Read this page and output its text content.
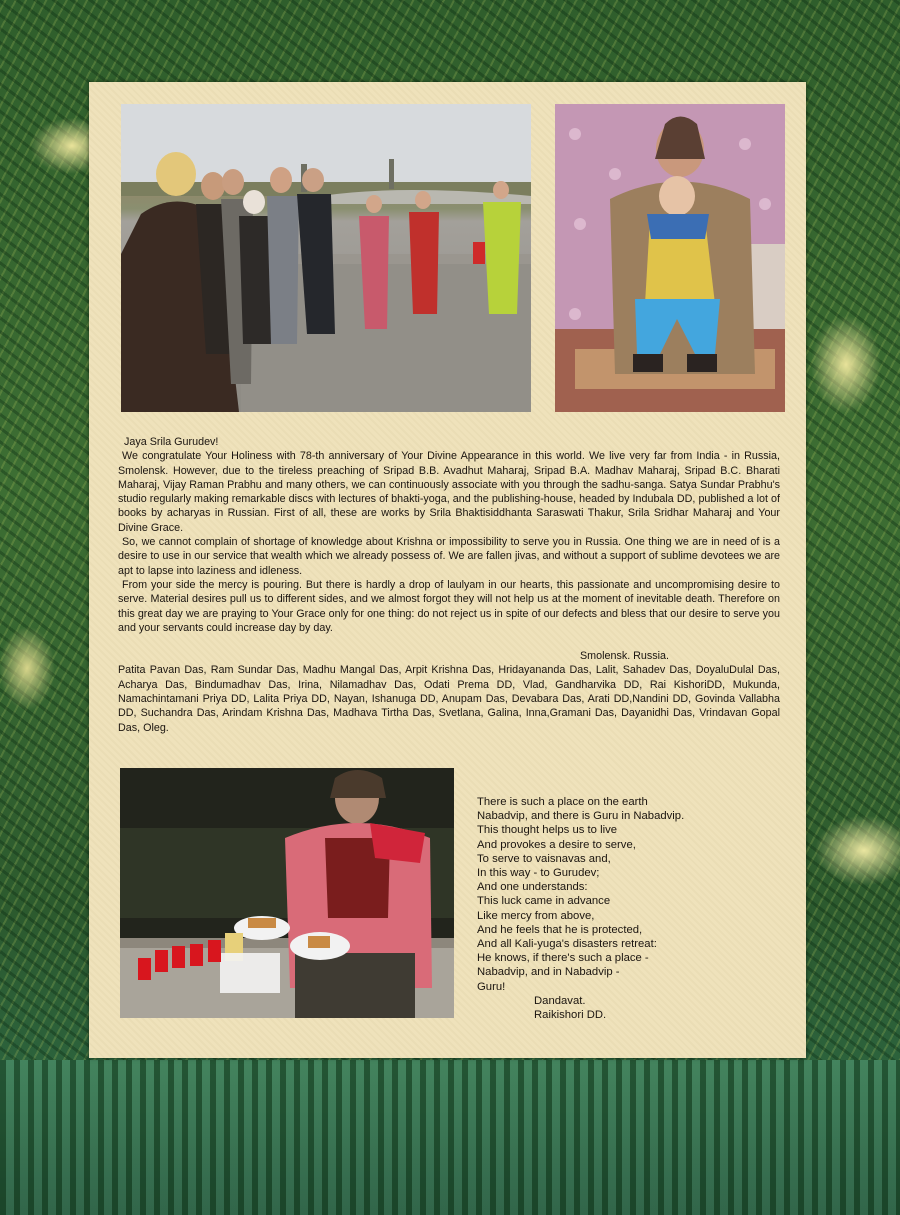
Jaya Srila Gurudev!

We congratulate Your Holiness with 78-th anniversary of Your Divine Appearance in this world. We live very far from India - in Russia, Smolensk. However, due to the tireless preaching of Sripad B.B. Avadhut Maharaj, Sripad B.A. Madhav Maharaj, Sripad B.C. Bharati Maharaj, Vijay Raman Prabhu and many others, we can continuously associate with you through the sadhu-sanga. Satya Sundar Prabhu's studio regularly making remarkable discs with lectures of bhakti-yoga, and the publishing-house, headed by Indubala DD, published a lot of books by acharyas in Russian. First of all, these are works by Srila Bhaktisiddhanta Saraswati Thakur, Srila Sridhar Maharaj and Your Divine Grace.

So, we cannot complain of shortage of knowledge about Krishna or impossibility to serve you in Russia. One thing we are in need of is a desire to use in our service that wealth which we already possess of. We are fallen jivas, and without a support of sublime devotees we are apt to lapse into laziness and idleness.

From your side the mercy is pouring. But there is hardly a drop of laulyam in our hearts, this passionate and uncompromising desire to serve. Material desires pull us to different sides, and we almost forgot they will not help us at the moment of inevitable death. Therefore on this great day we are praying to Your Grace only for one thing: do not reject us in spite of our defects and bless that our desire to serve you and your servants could increase day by day.

Smolensk. Russia.

Patita Pavan Das, Ram Sundar Das, Madhu Mangal Das, Arpit Krishna Das, Hridayananda Das, Lalit, Sahadev Das, DoyaluDulal Das, Acharya Das, Bindumadhav Das, Irina, Nilamadhav Das, Odati Prema DD, Vlad, Gandharvika DD, Rai KishoriDD, Mukunda, Namachintamani Priya DD, Lalita Priya DD, Nayan, Ishanuga DD, Anupam Das, Devabara Das, Arati DD,Nandini DD, Govinda Vallabha DD, Suchandra Das, Arindam Krishna Das, Madhava Tirtha Das, Svetlana, Galina, Inna,Gramani Das, Dayanidhi Das, Vrindavan Gopal Das, Oleg.

There is such a place on the earth
Nabadvip, and there is Guru in Nabadvip.
This thought helps us to live
And provokes a desire to serve,
To serve to vaisnavas and,
In this way - to Gurudev;
And one understands:
This luck came in advance
Like mercy from above,
And he feels that he is protected,
And all Kali-yuga's disasters retreat:
He knows, if there's such a place -
Nabadvip, and in Nabadvip -
Guru!
Dandavat.
Raikishori DD.
